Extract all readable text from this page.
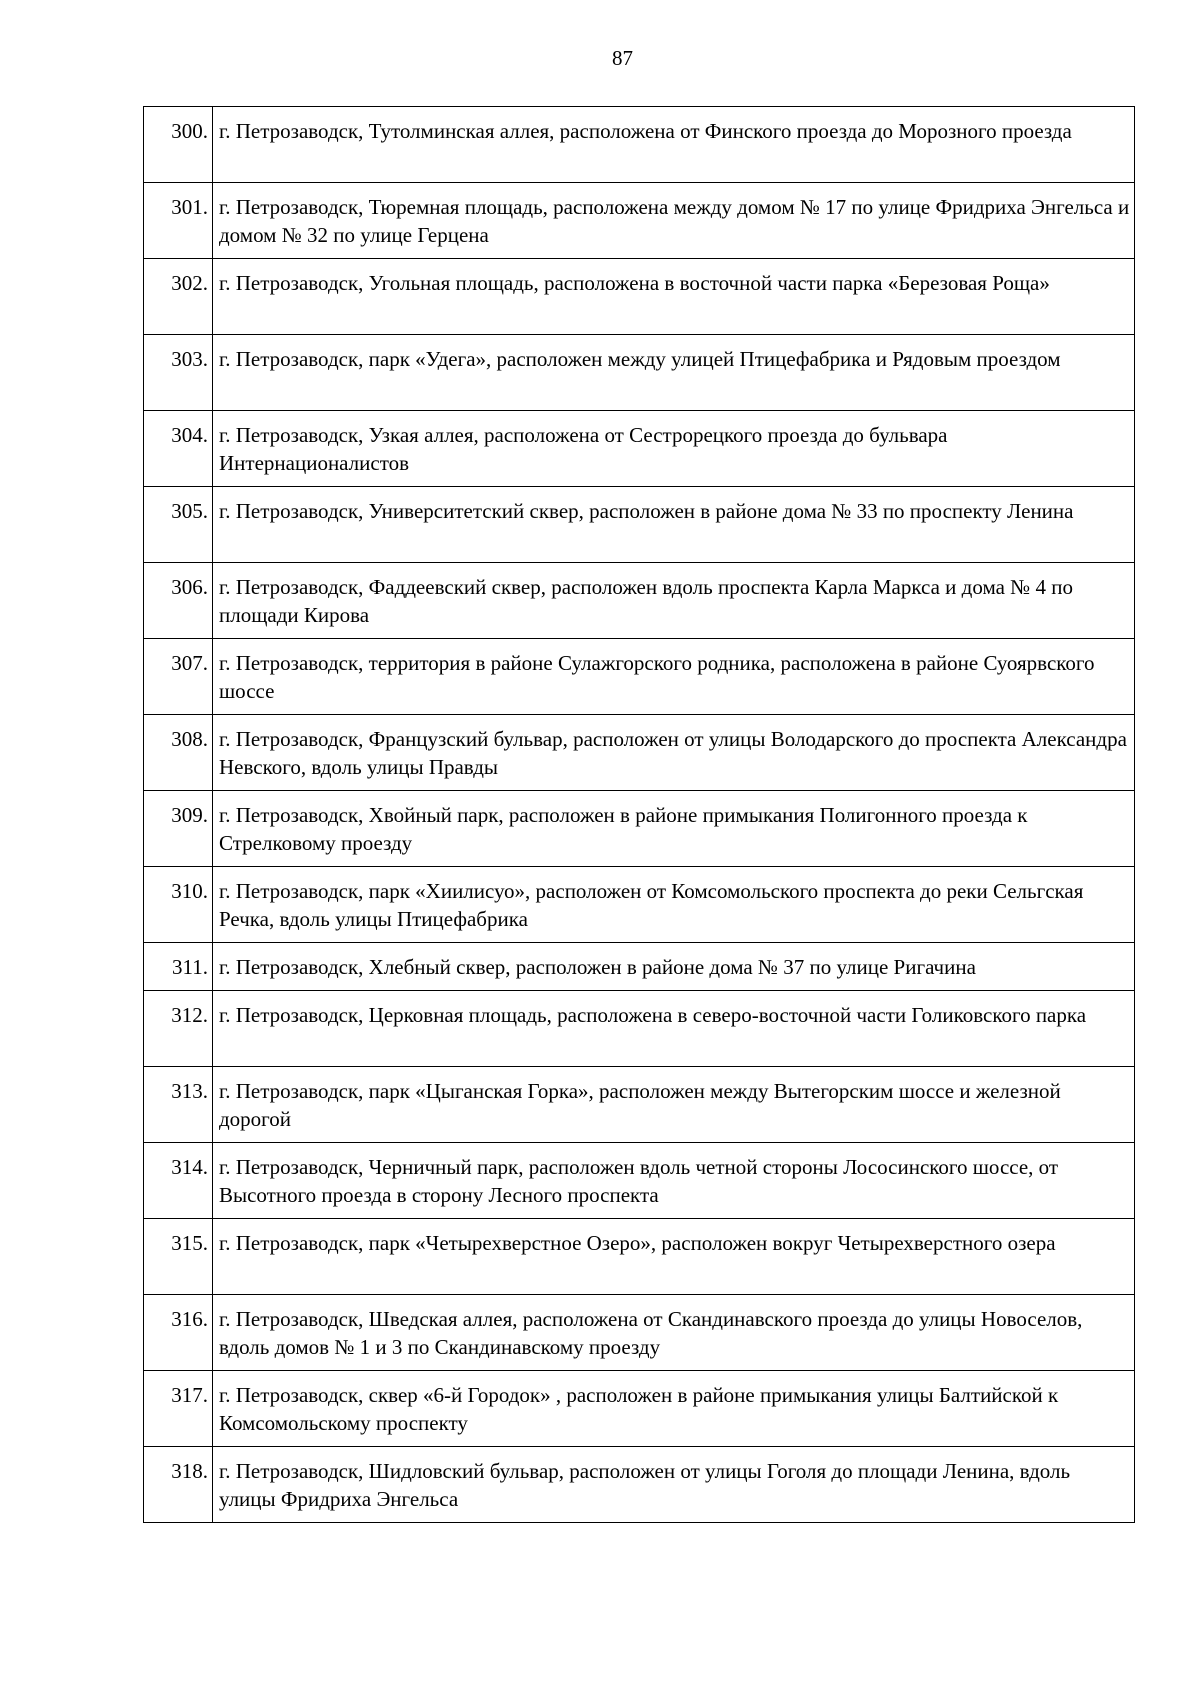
87
300.	г. Петрозаводск, Тутолминская аллея, расположена от Финского проезда до Морозного проезда
301.	г. Петрозаводск, Тюремная площадь, расположена между домом № 17 по улице Фридриха Энгельса и домом № 32 по улице Герцена
302.	г. Петрозаводск, Угольная площадь, расположена в восточной части парка «Березовая Роща»
303.	г. Петрозаводск, парк «Удега», расположен между улицей Птицефабрика и Рядовым проездом
304.	г. Петрозаводск, Узкая аллея, расположена от Сестрорецкого проезда до бульвара Интернационалистов
305.	г. Петрозаводск, Университетский сквер, расположен в районе дома № 33 по проспекту Ленина
306.	г. Петрозаводск, Фаддеевский сквер, расположен вдоль проспекта Карла Маркса и дома № 4 по площади Кирова
307.	г. Петрозаводск, территория в районе Сулажгорского родника, расположена в районе Суоярвского шоссе
308.	г. Петрозаводск, Французский бульвар, расположен от улицы Володарского до проспекта Александра Невского, вдоль улицы Правды
309.	г. Петрозаводск, Хвойный парк, расположен в районе примыкания Полигонного проезда к Стрелковому проезду
310.	г. Петрозаводск, парк «Хиилисуо», расположен от Комсомольского проспекта до реки Сельгская Речка, вдоль улицы Птицефабрика
311.	г. Петрозаводск, Хлебный сквер, расположен в районе дома № 37 по улице Ригачина
312.	г. Петрозаводск, Церковная площадь, расположена в северо-восточной части Голиковского парка
313.	г. Петрозаводск, парк «Цыганская Горка», расположен между Вытегорским шоссе и железной дорогой
314.	г. Петрозаводск, Черничный парк, расположен вдоль четной стороны Лососинского шоссе, от Высотного проезда в сторону Лесного проспекта
315.	г. Петрозаводск, парк «Четырехверстное Озеро», расположен вокруг Четырехверстного озера
316.	г. Петрозаводск, Шведская аллея, расположена от Скандинавского проезда до улицы Новоселов, вдоль домов № 1 и 3 по Скандинавскому проезду
317.	г. Петрозаводск, сквер «6-й Городок» , расположен в районе примыкания улицы Балтийской к Комсомольскому проспекту
318.	г. Петрозаводск, Шидловский бульвар, расположен от улицы Гоголя до площади Ленина, вдоль улицы Фридриха Энгельса
